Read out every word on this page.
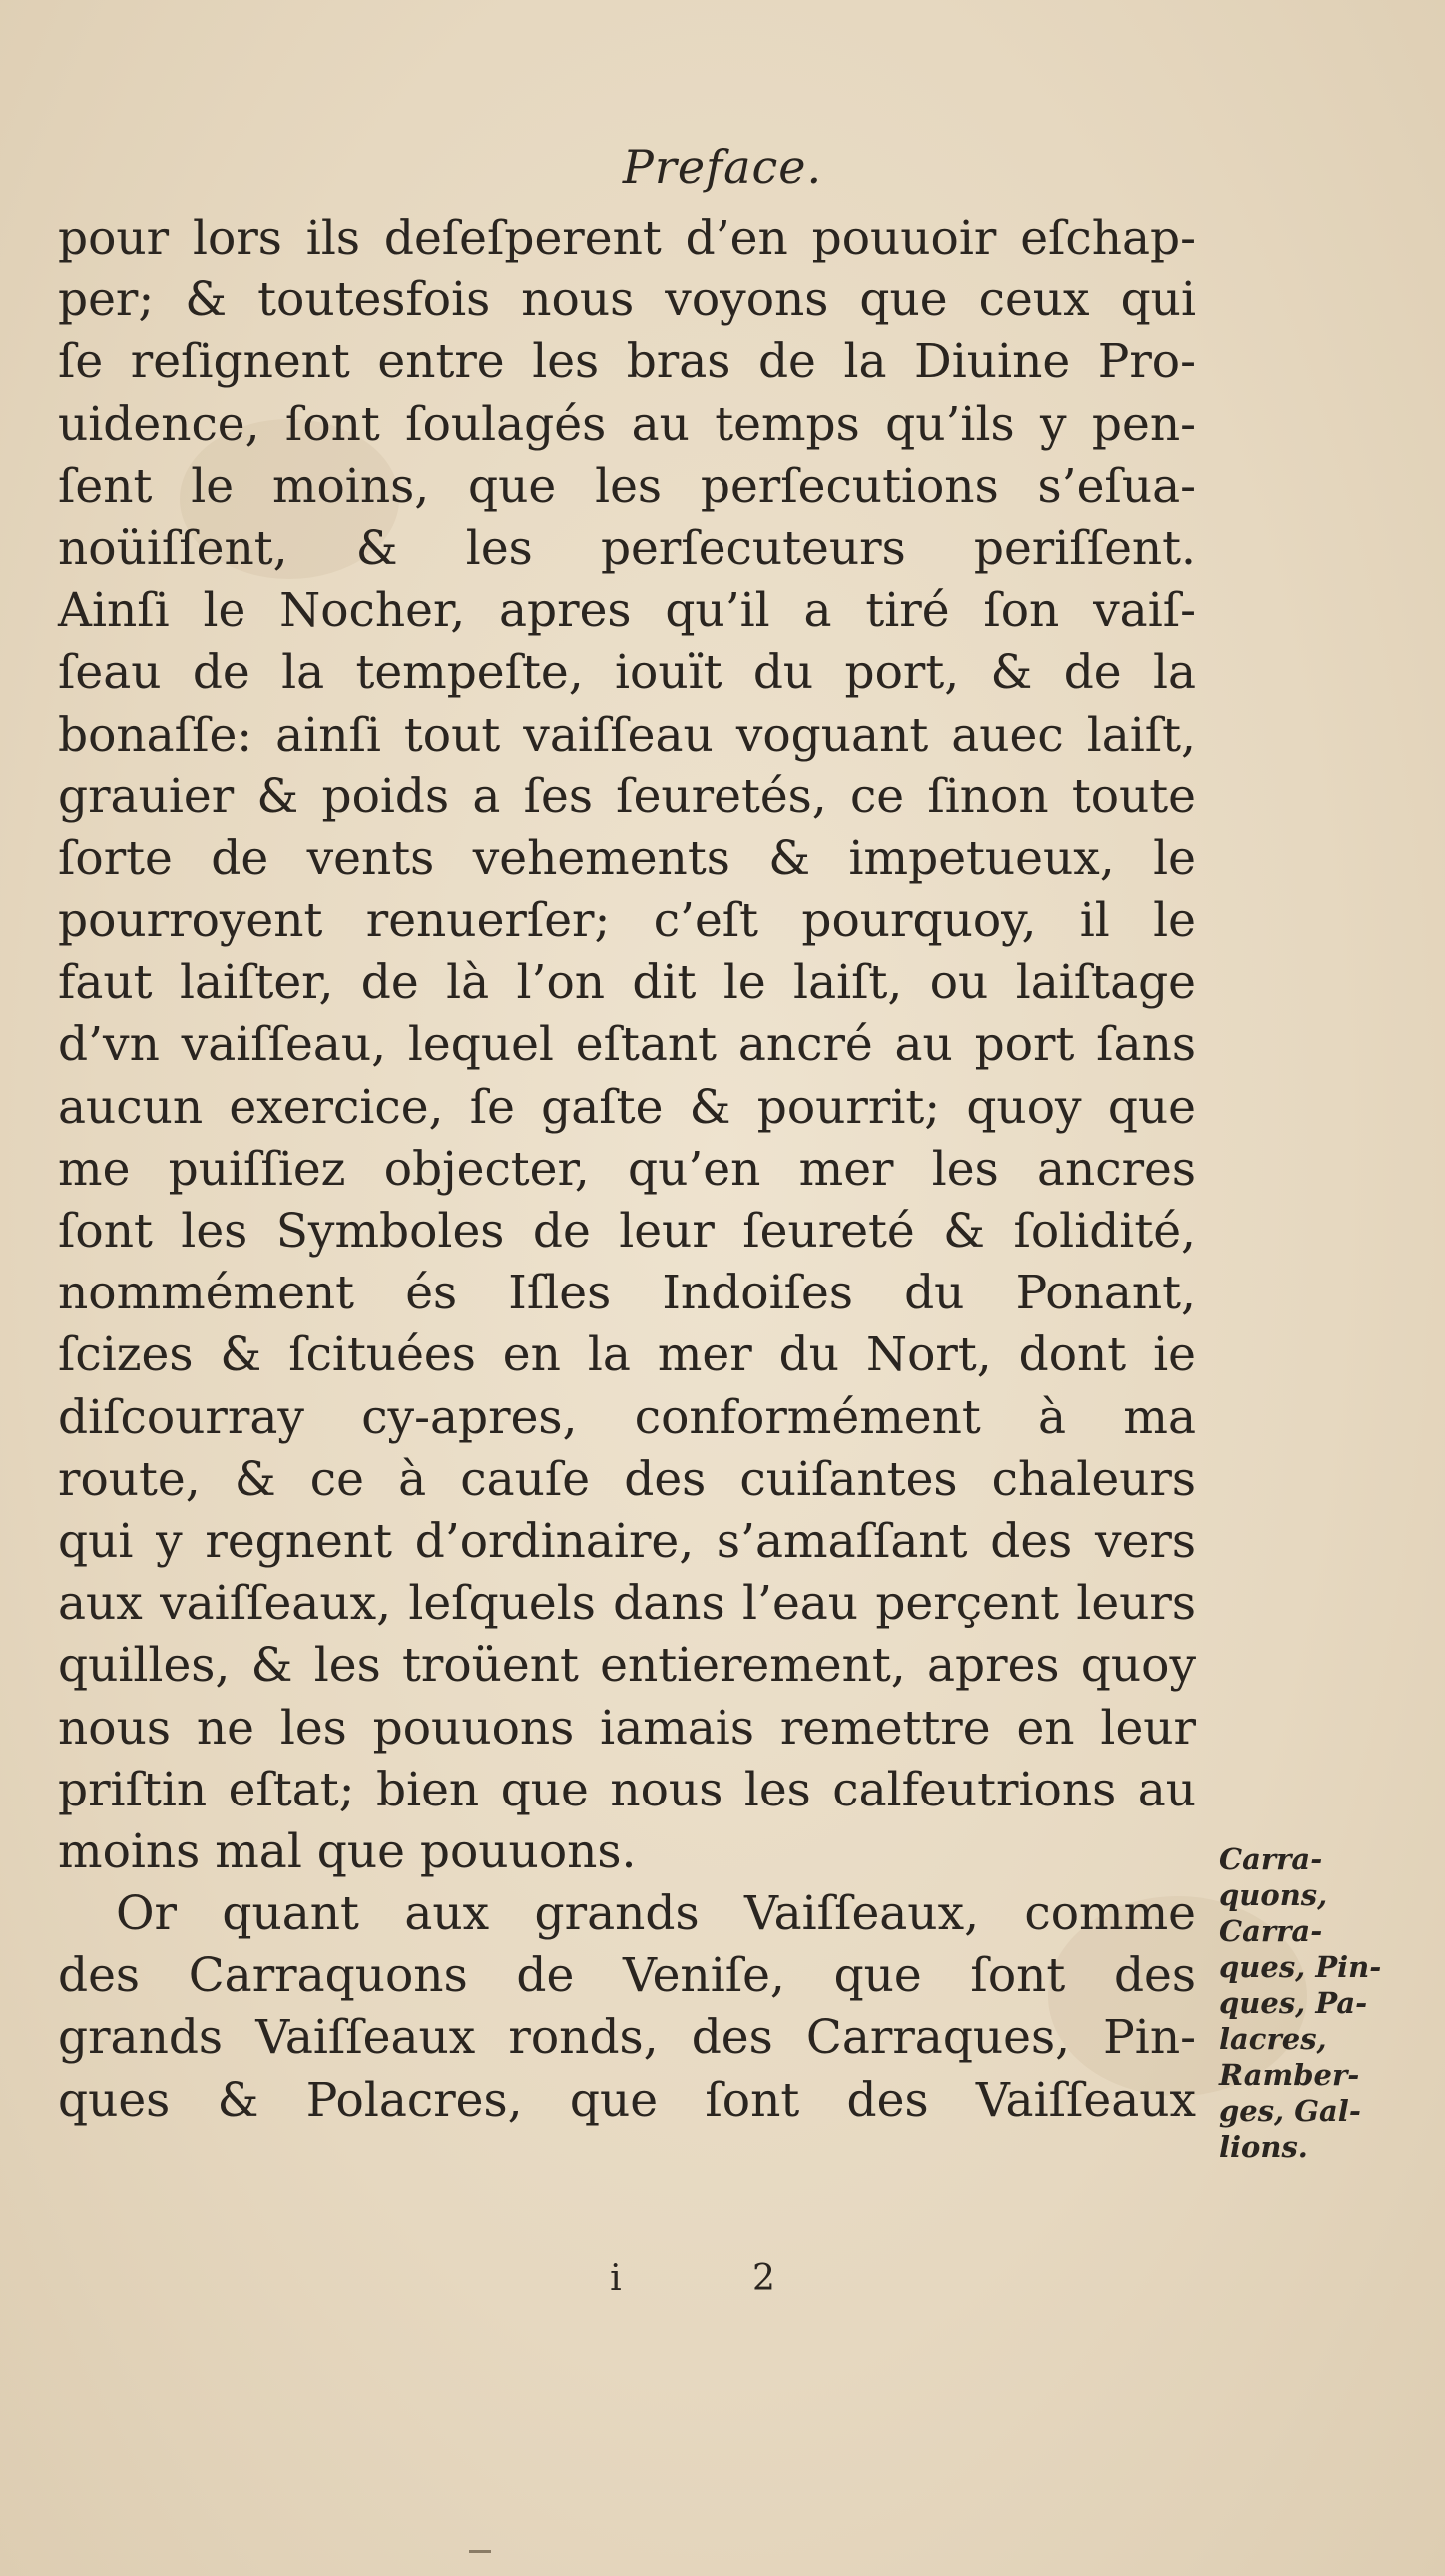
Preface.
pour lors ils deſeſperent d’en pouuoir eſchap-
per; & toutesfois nous voyons que ceux qui
ſe reſignent entre les bras de la Diuine Pro-
uidence, ſont ſoulagés au temps qu’ils y pen-
ſent le moins, que les perſecutions s’eſua-
noüiſſent, & les perſecuteurs periſſent.
Ainſi le Nocher, apres qu’il a tiré ſon vaiſ-
ſeau de la tempeſte, iouït du port, & de la
bonaſſe: ainſi tout vaiſſeau voguant auec laiſt,
grauier & poids a ſes ſeuretés, ce ſinon toute
ſorte de vents vehements & impetueux, le
pourroyent renuerſer; c’eſt pourquoy, il le
faut laiſter, de là l’on dit le laiſt, ou laiſtage
d’vn vaiſſeau, lequel eſtant ancré au port ſans
aucun exercice, ſe gaſte & pourrit; quoy que
me puiſſiez objecter, qu’en mer les ancres
ſont les Symboles de leur ſeureté & ſolidité,
nommément és Iſles Indoiſes du Ponant,
ſcizes & ſcituées en la mer du Nort, dont ie
diſcourray cy-apres, conformément à ma
route, & ce à cauſe des cuiſantes chaleurs
qui y regnent d’ordinaire, s’amaſſant des vers
aux vaiſſeaux, leſquels dans l’eau perçent leurs
quilles, & les troüent entierement, apres quoy
nous ne les pouuons iamais remettre en leur
priſtin eſtat; bien que nous les calfeutrions au
moins mal que pouuons.
Or quant aux grands Vaiſſeaux, comme
des Carraquons de Veniſe, que ſont des
grands Vaiſſeaux ronds, des Carraques, Pin-
ques & Polacres, que ſont des Vaiſſeaux
Carra-
quons,
Carra-
ques, Pin-
ques, Pa-
lacres,
Ramber-
ges, Gal-
lions.
i 2
